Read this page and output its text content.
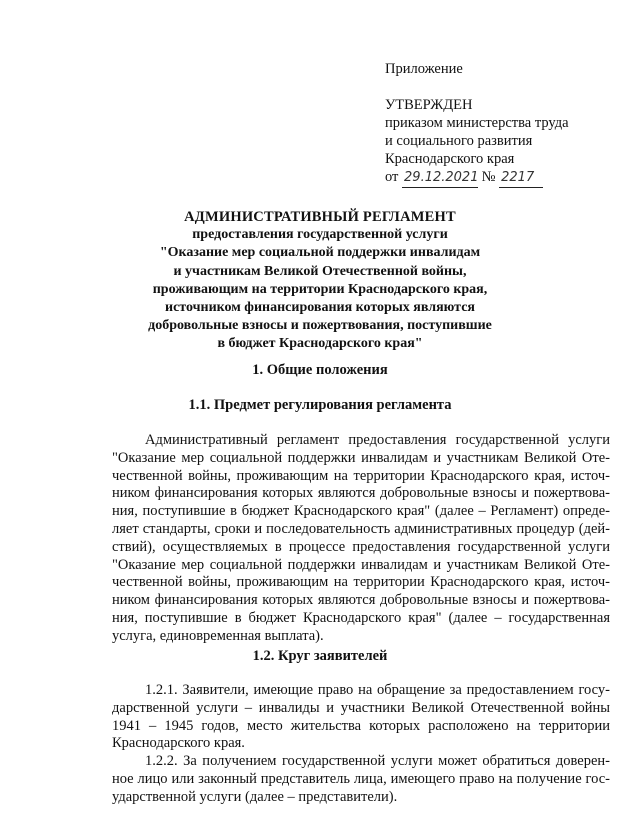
Приложение
УТВЕРЖДЕН
приказом министерства труда
и социального развития
Краснодарского края
от 29.12.2021 № 2217
АДМИНИСТРАТИВНЫЙ РЕГЛАМЕНТ
предоставления государственной услуги
"Оказание мер социальной поддержки инвалидам
и участникам Великой Отечественной войны,
проживающим на территории Краснодарского края,
источником финансирования которых являются
добровольные взносы и пожертвования, поступившие
в бюджет Краснодарского края"
1. Общие положения
1.1. Предмет регулирования регламента
Административный регламент предоставления государственной услуги
"Оказание мер социальной поддержки инвалидам и участникам Великой Оте-
чественной войны, проживающим на территории Краснодарского края, источ-
ником финансирования которых являются добровольные взносы и пожертвова-
ния, поступившие в бюджет Краснодарского края" (далее – Регламент) опреде-
ляет стандарты, сроки и последовательность административных процедур (дей-
ствий), осуществляемых в процессе предоставления государственной услуги
"Оказание мер социальной поддержки инвалидам и участникам Великой Оте-
чественной войны, проживающим на территории Краснодарского края, источ-
ником финансирования которых являются добровольные взносы и пожертвова-
ния, поступившие в бюджет Краснодарского края" (далее – государственная
услуга, единовременная выплата).
1.2. Круг заявителей
1.2.1. Заявители, имеющие право на обращение за предоставлением госу-
дарственной услуги – инвалиды и участники Великой Отечественной войны
1941 – 1945 годов, место жительства которых расположено на территории
Краснодарского края.
1.2.2. За получением государственной услуги может обратиться доверен-
ное лицо или законный представитель лица, имеющего право на получение гос-
ударственной услуги (далее – представители).
